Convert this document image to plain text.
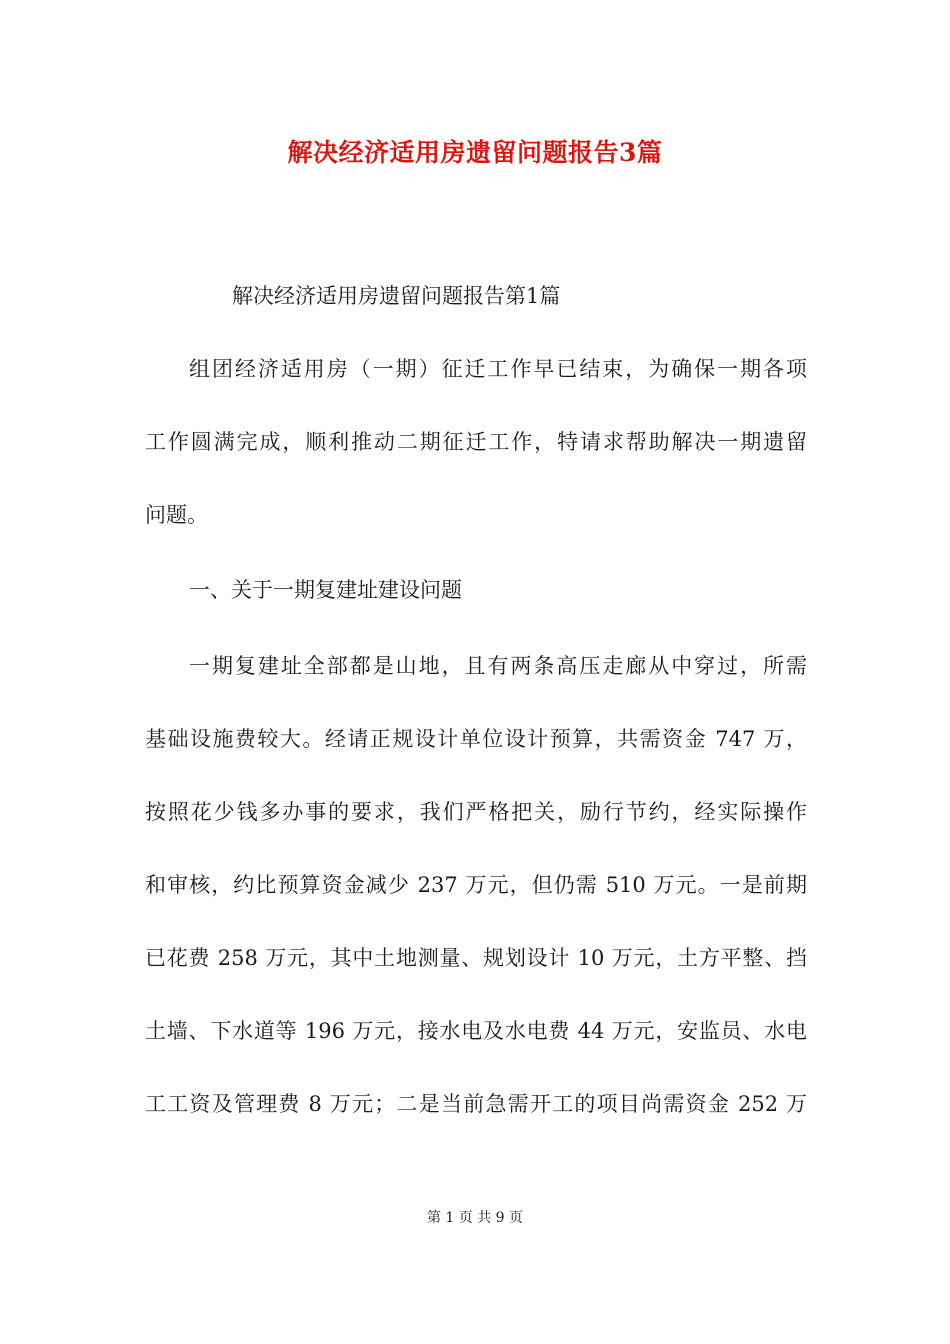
解决经济适用房遗留问题报告3篇
解决经济适用房遗留问题报告第1篇
组团经济适用房（一期）征迁工作早已结束，为确保一期各项
工作圆满完成，顺利推动二期征迁工作，特请求帮助解决一期遗留
问题。
一、关于一期复建址建设问题
一期复建址全部都是山地，且有两条高压走廊从中穿过，所需
基础设施费较大。经请正规设计单位设计预算，共需资金 747 万，
按照花少钱多办事的要求，我们严格把关，励行节约，经实际操作
和审核，约比预算资金减少 237 万元，但仍需 510 万元。一是前期
已花费 258 万元，其中土地测量、规划设计 10 万元，土方平整、挡
土墙、下水道等 196 万元，接水电及水电费 44 万元，安监员、水电
工工资及管理费 8 万元；二是当前急需开工的项目尚需资金 252 万
第 1 页 共 9 页
